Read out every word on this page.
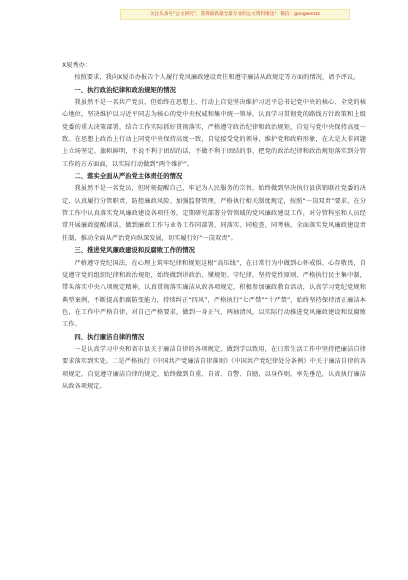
关注头条号“公文研究”，获得最新最全最专业的公文资料推送！ 微信：gongwenzz

X厦秀办：

按照要求，我向X厦市办报告个人履行党风廉政建设责任和遵守廉洁从政规定等方面的情况，请予评议。

一、执行政治纪律和政治规矩的情况

我虽然不是一名共产党员，但始终在思想上、行动上自觉坚决维护习近平总书记党中央的核心、全党的核心地位，坚决维护以习近平同志为核心的党中央权威和集中统一领导，认真学习贯彻党的路线方针政策和上级党委的重大决策部署，结合工作实际抓好贯彻落实，严格遵守政治纪律和政治规矩，自觉与党中央保持高度一致。在思想上政治上行动上同党中央保持高度一致，自觉接受党的领导，维护党和政府形象，在大是大非问题上立场坚定、旗帜鲜明，不说不利于团结的话，不做不利于团结的事，把党的政治纪律和政治规矩落实到分管工作的方方面面，以实际行动做到“两个维护”。

二、落实全面从严治党主体责任的情况

我虽然不是一名党员，但时刻提醒自己，牢记为人民服务的宗旨，始终做到坚决执行县供销联社党委的决定，认真履行分管职责，防控廉政风险、加强监督管理，严格执行相关制度规定，按照“一岗双责”要求，在分管工作中认真落实党风廉政建设各项任务，定期研究部署分管领域的党风廉政建设工作，对分管科室和人员经常开展廉政提醒谈话，做到廉政工作与业务工作同部署、同落实、同检查、同考核，全面落实党风廉政建设责任制，推动全面从严治党向纵深发展，切实履行好“一岗双责”。

三、推进党风廉政建设和反腐败工作的情况

严格遵守党纪国法，在心理上筑牢纪律和规矩这根“高压线”，在日常行为中做到心怀戒惧、心存敬畏，自觉遵守党的组织纪律和政治规矩，始终做到讲政治、懂规矩、守纪律，坚持党性原则，严格执行民主集中制，带头落实中央八项规定精神，认真贯彻落实廉洁从政各项规定，积极参加廉政教育活动，认真学习党纪党规和典型案例，不断提高拒腐防变能力，持续纠正“四风”，严格执行“七严禁”“十严禁”，始终坚持保持清正廉洁本色，在工作中严格自律，对自己严格要求，做到一身正气、两袖清风，以实际行动推进党风廉政建设和反腐败工作。

四、执行廉洁自律的情况

一是认真学习中央和省市县关于廉洁自律的各项规定，做到学以致用，在日常生活工作中坚持把廉洁自律要求落实到实处。二是严格执行《中国共产党廉洁自律准则》《中国共产党纪律处分条例》中关于廉洁自律的各项规定，自觉遵守廉洁自律的规定，始终做到自重、自省、自警、自励，以身作则，率先垂范，认真执行廉洁从政各项规定。
